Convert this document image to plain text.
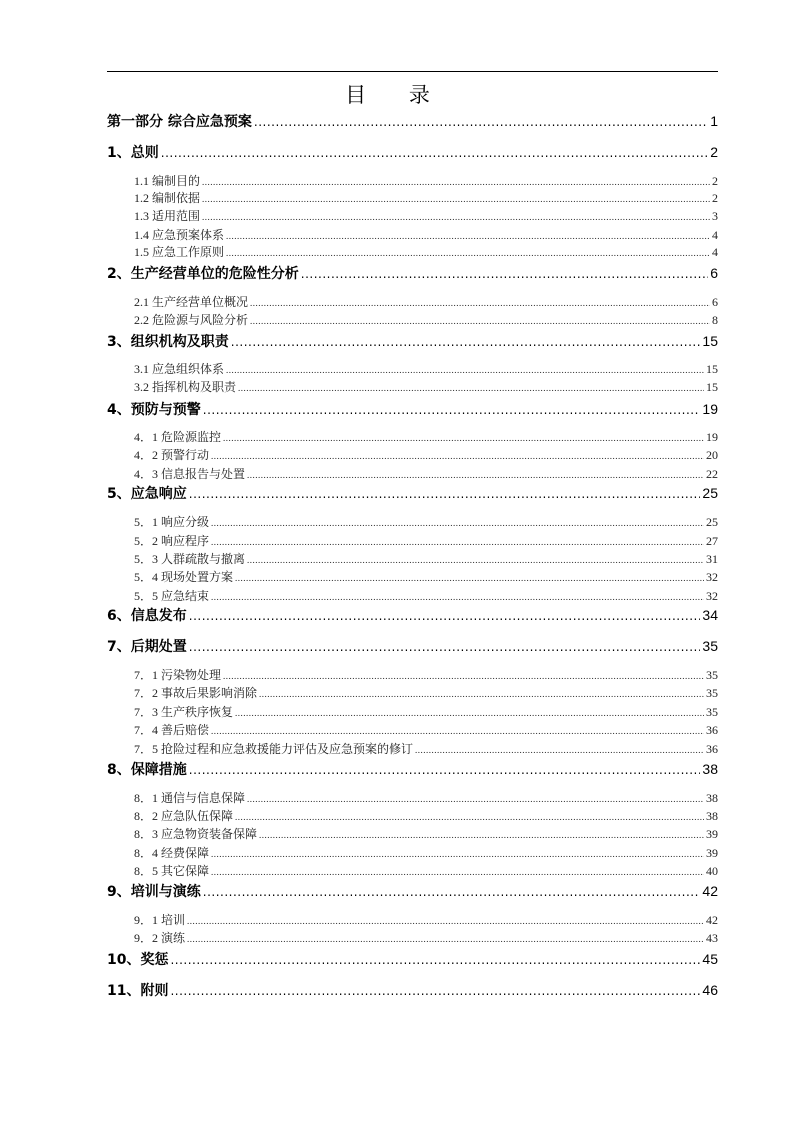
目 录
第一部分 综合应急预案 .....	1
1、总则 .....	2
1.1 编制目的 .....	2
1.2 编制依据 .....	2
1.3 适用范围 .....	3
1.4 应急预案体系 .....	4
1.5 应急工作原则 .....	4
2、生产经营单位的危险性分析 .....	6
2.1 生产经营单位概况 .....	6
2.2 危险源与风险分析 .....	8
3、组织机构及职责 .....	15
3.1 应急组织体系 .....	15
3.2 指挥机构及职责 .....	15
4、预防与预警 .....	19
4．1 危险源监控 .....	19
4．2 预警行动 .....	20
4．3 信息报告与处置 .....	22
5、应急响应 .....	25
5．1 响应分级 .....	25
5．2 响应程序 .....	27
5．3 人群疏散与撤离 .....	31
5．4 现场处置方案 .....	32
5．5 应急结束 .....	32
6、信息发布 .....	34
7、后期处置 .....	35
7．1 污染物处理 .....	35
7．2 事故后果影响消除 .....	35
7．3 生产秩序恢复 .....	35
7．4 善后赔偿 .....	36
7．5 抢险过程和应急救援能力评估及应急预案的修订 .....	36
8、保障措施 .....	38
8．1 通信与信息保障 .....	38
8．2 应急队伍保障 .....	38
8．3 应急物资装备保障 .....	39
8．4 经费保障 .....	39
8．5 其它保障 .....	40
9、培训与演练 .....	42
9．1 培训 .....	42
9．2 演练 .....	43
10、奖惩 .....	45
11、附则 .....	46
